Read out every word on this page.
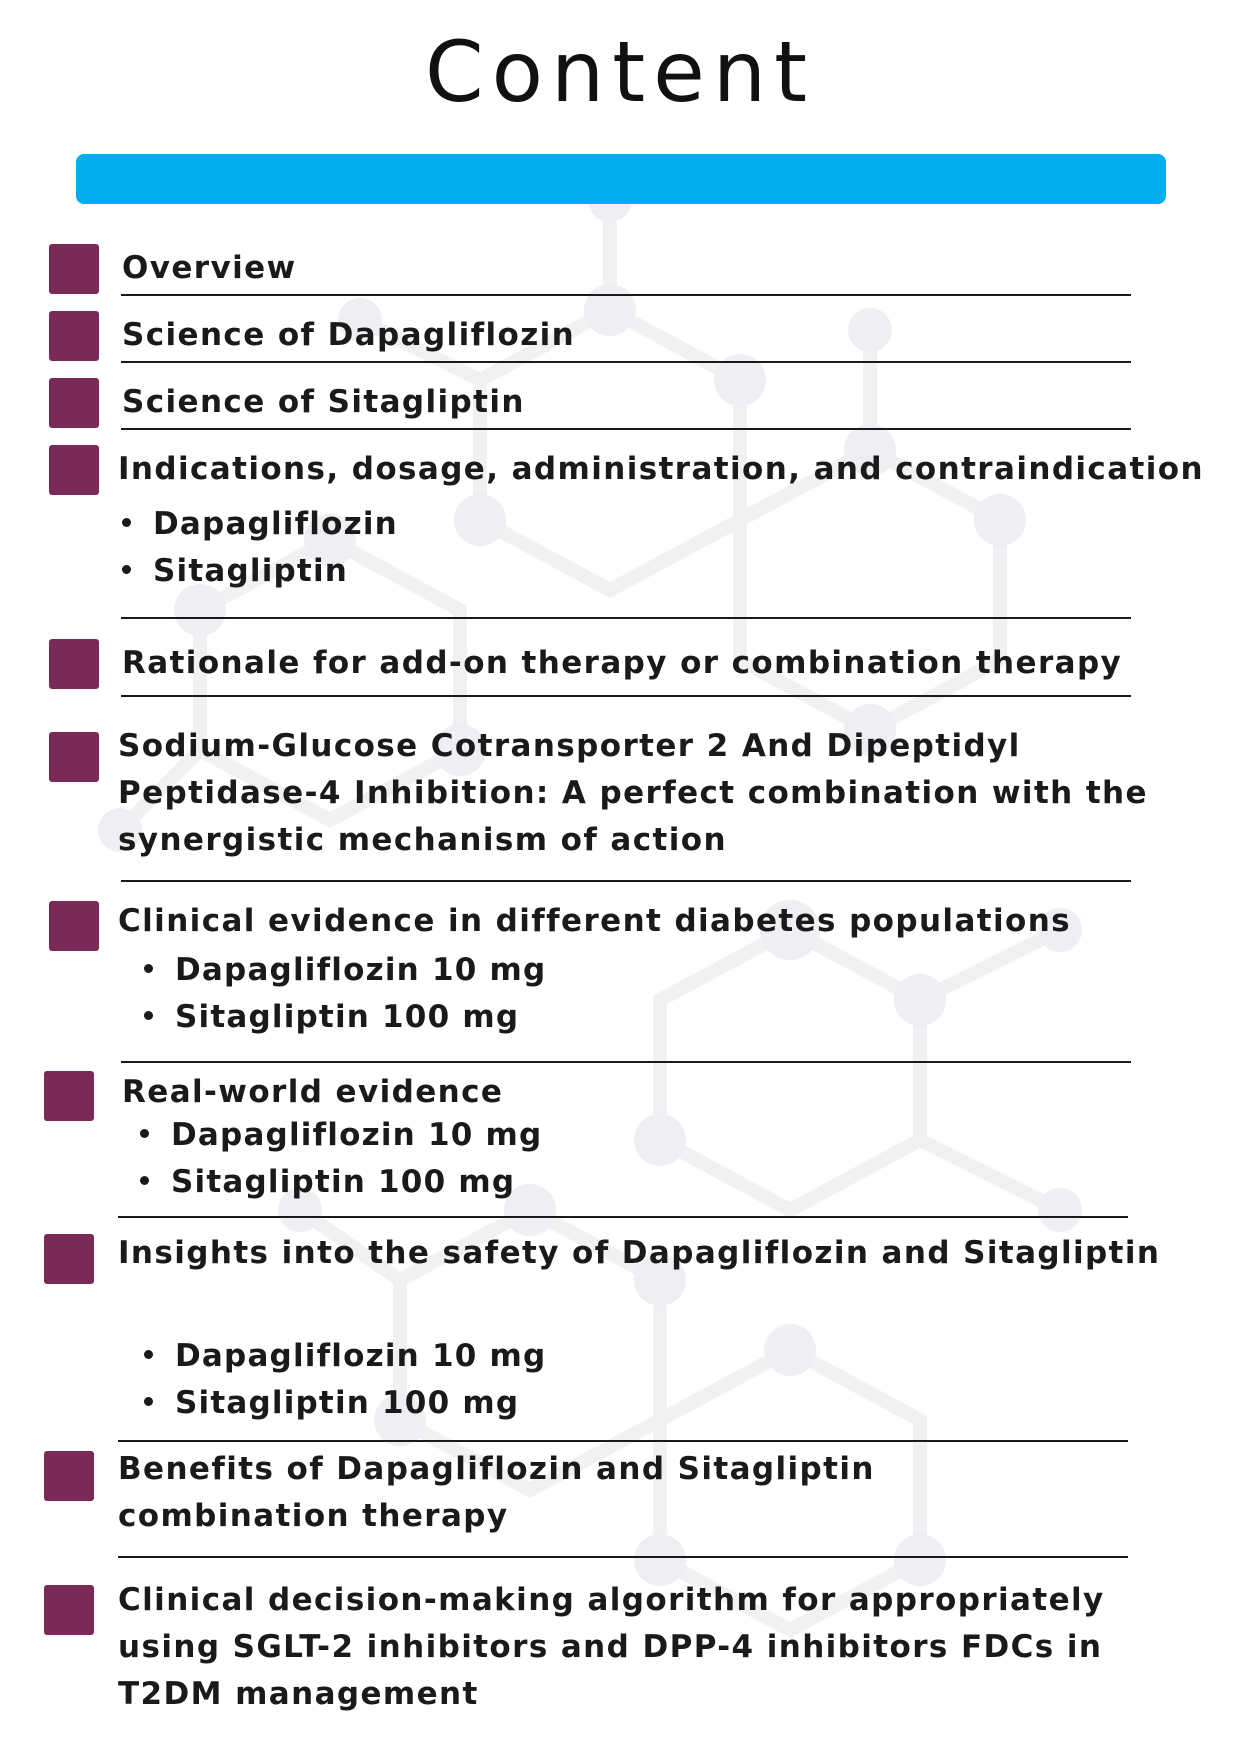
Content
Overview
Science of Dapagliflozin
Science of Sitagliptin
Indications, dosage, administration, and contraindication
Dapagliflozin
Sitagliptin
Rationale for add-on therapy or combination therapy
Sodium-Glucose Cotransporter 2 And Dipeptidyl Peptidase-4 Inhibition: A perfect combination with the synergistic mechanism of action
Clinical evidence in different diabetes populations
Dapagliflozin 10 mg
Sitagliptin 100 mg
Real-world evidence
Dapagliflozin 10 mg
Sitagliptin 100 mg
Insights into the safety of Dapagliflozin and Sitagliptin
Dapagliflozin 10 mg
Sitagliptin 100 mg
Benefits of Dapagliflozin and Sitagliptin combination therapy
Clinical decision-making algorithm for appropriately using SGLT-2 inhibitors and DPP-4 inhibitors FDCs in T2DM management
